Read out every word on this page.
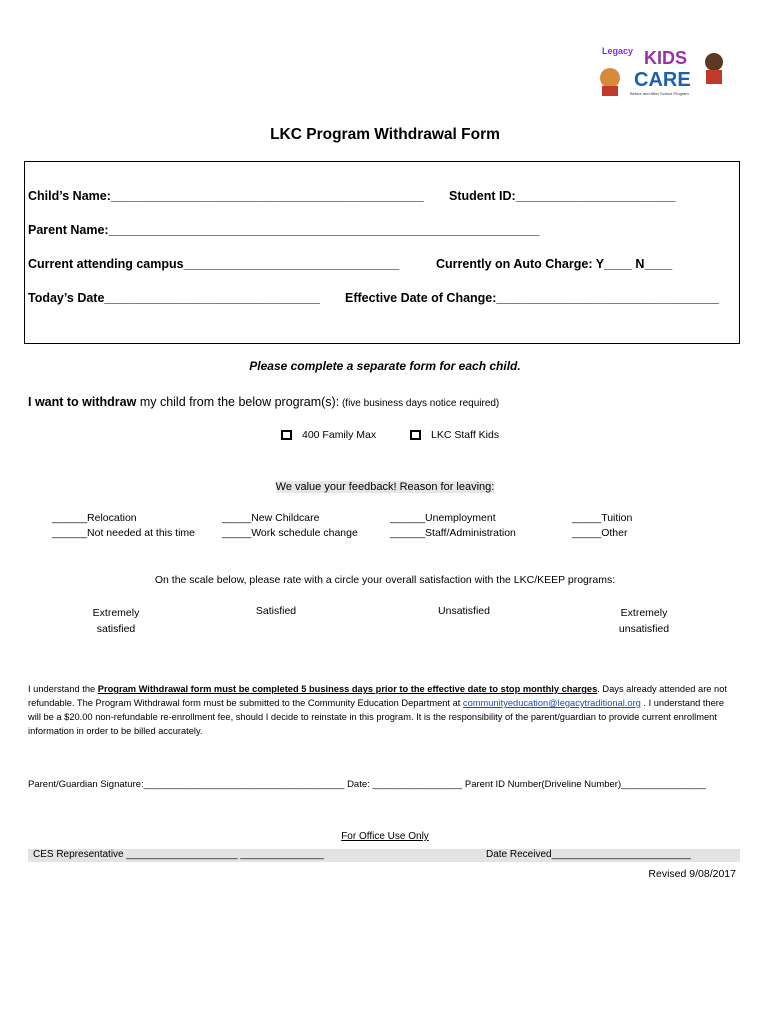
Legacy KIDS
CARE
Before and After School Program
LKC Program Withdrawal Form
Child’s Name:_____________________________________________ Student ID:_______________________
Parent Name:______________________________________________________________
Current attending campus_______________________________	Currently on Auto Charge: Y____ N____
Today’s Date_______________________________ Effective Date of Change:________________________________
Please complete a separate form for each child.
I want to withdraw my child from the below program(s): (five business days notice required)
400 Family Max	LKC Staff Kids
We value your feedback! Reason for leaving:
______Relocation	_____New Childcare	______Unemployment	_____Tuition
______Not needed at this time	_____Work schedule change	______Staff/Administration	_____Other
On the scale below, please rate with a circle your overall satisfaction with the LKC/KEEP programs:
Extremely
satisfied
Satisfied	Unsatisfied	Extremely
unsatisfied
I understand the Program Withdrawal form must be completed 5 business days prior to the effective date to stop monthly charges. Days already attended are not refundable. The Program Withdrawal form must be submitted to the Community Education Department at communityeducation@legacytraditional.org . I understand there will be a $20.00 non-refundable re-enrollment fee, should I decide to reinstate in this program. It is the responsibility of the parent/guardian to provide current enrollment information in order to be billed accurately.
Parent/Guardian Signature:______________________________________ Date: _________________ Parent ID Number(Driveline Number)________________
For Office Use Only
CES Representative ____________________ _______________	Date Received_________________________
Revised 9/08/2017
